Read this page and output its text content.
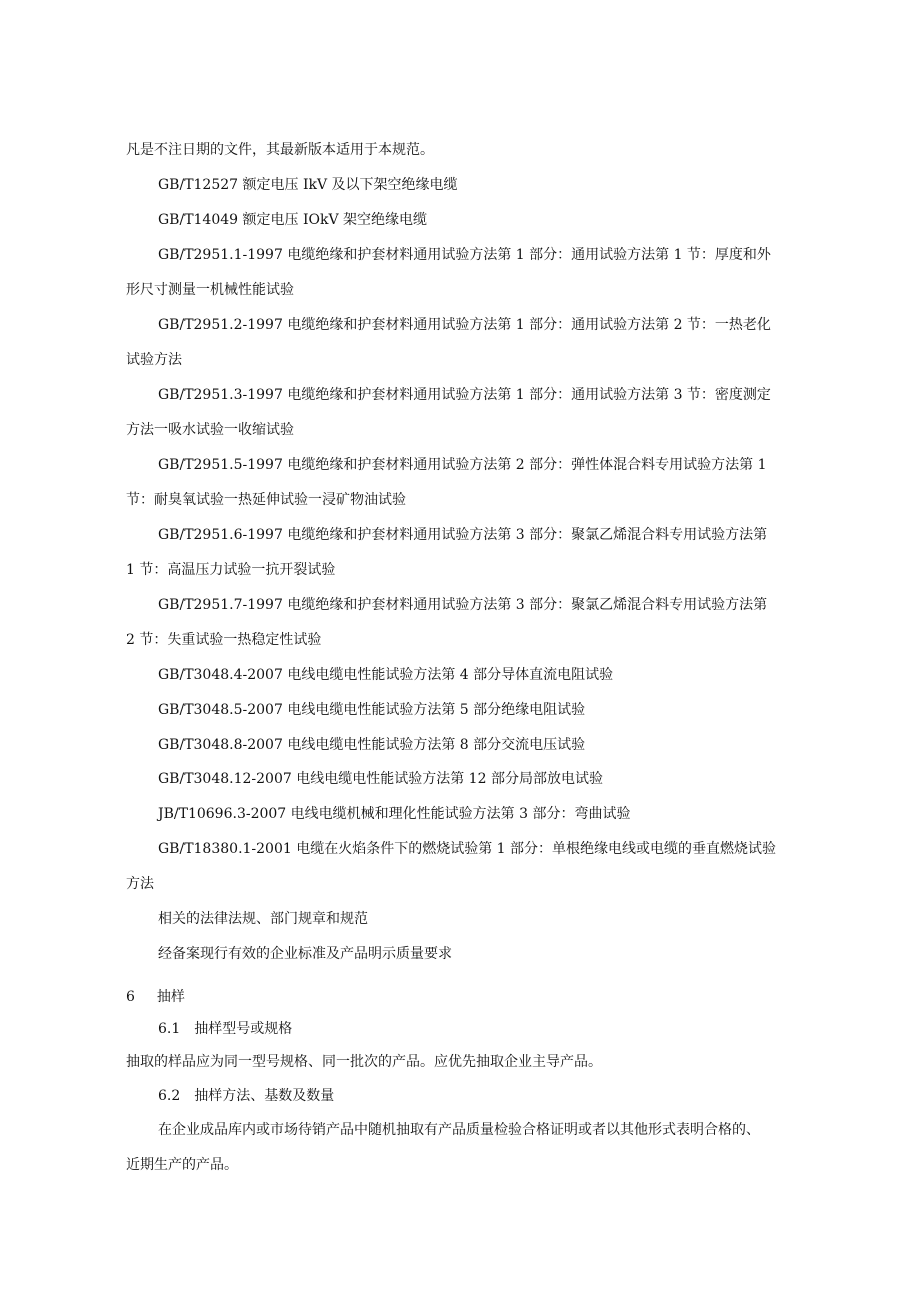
凡是不注日期的文件，其最新版本适用于本规范。
GB/T12527 额定电压 IkV 及以下架空绝缘电缆
GB/T14049 额定电压 IOkV 架空绝缘电缆
GB/T2951.1-1997 电缆绝缘和护套材料通用试验方法第 1 部分：通用试验方法第 1 节：厚度和外
形尺寸测量一机械性能试验
GB/T2951.2-1997 电缆绝缘和护套材料通用试验方法第 1 部分：通用试验方法第 2 节：一热老化
试验方法
GB/T2951.3-1997 电缆绝缘和护套材料通用试验方法第 1 部分：通用试验方法第 3 节：密度测定
方法一吸水试验一收缩试验
GB/T2951.5-1997 电缆绝缘和护套材料通用试验方法第 2 部分：弹性体混合料专用试验方法第 1
节：耐臭氧试验一热延伸试验一浸矿物油试验
GB/T2951.6-1997 电缆绝缘和护套材料通用试验方法第 3 部分：聚氯乙烯混合料专用试验方法第
1 节：高温压力试验一抗开裂试验
GB/T2951.7-1997 电缆绝缘和护套材料通用试验方法第 3 部分：聚氯乙烯混合料专用试验方法第
2 节：失重试验一热稳定性试验
GB/T3048.4-2007 电线电缆电性能试验方法第 4 部分导体直流电阻试验
GB/T3048.5-2007 电线电缆电性能试验方法第 5 部分绝缘电阻试验
GB/T3048.8-2007 电线电缆电性能试验方法第 8 部分交流电压试验
GB/T3048.12-2007 电线电缆电性能试验方法第 12 部分局部放电试验
JB/T10696.3-2007 电线电缆机械和理化性能试验方法第 3 部分：弯曲试验
GB/T18380.1-2001 电缆在火焰条件下的燃烧试验第 1 部分：单根绝缘电线或电缆的垂直燃烧试验
方法
相关的法律法规、部门规章和规范
经备案现行有效的企业标准及产品明示质量要求
6 抽样
6.1 抽样型号或规格
抽取的样品应为同一型号规格、同一批次的产品。应优先抽取企业主导产品。
6.2 抽样方法、基数及数量
在企业成品库内或市场待销产品中随机抽取有产品质量检验合格证明或者以其他形式表明合格的、
近期生产的产品。
